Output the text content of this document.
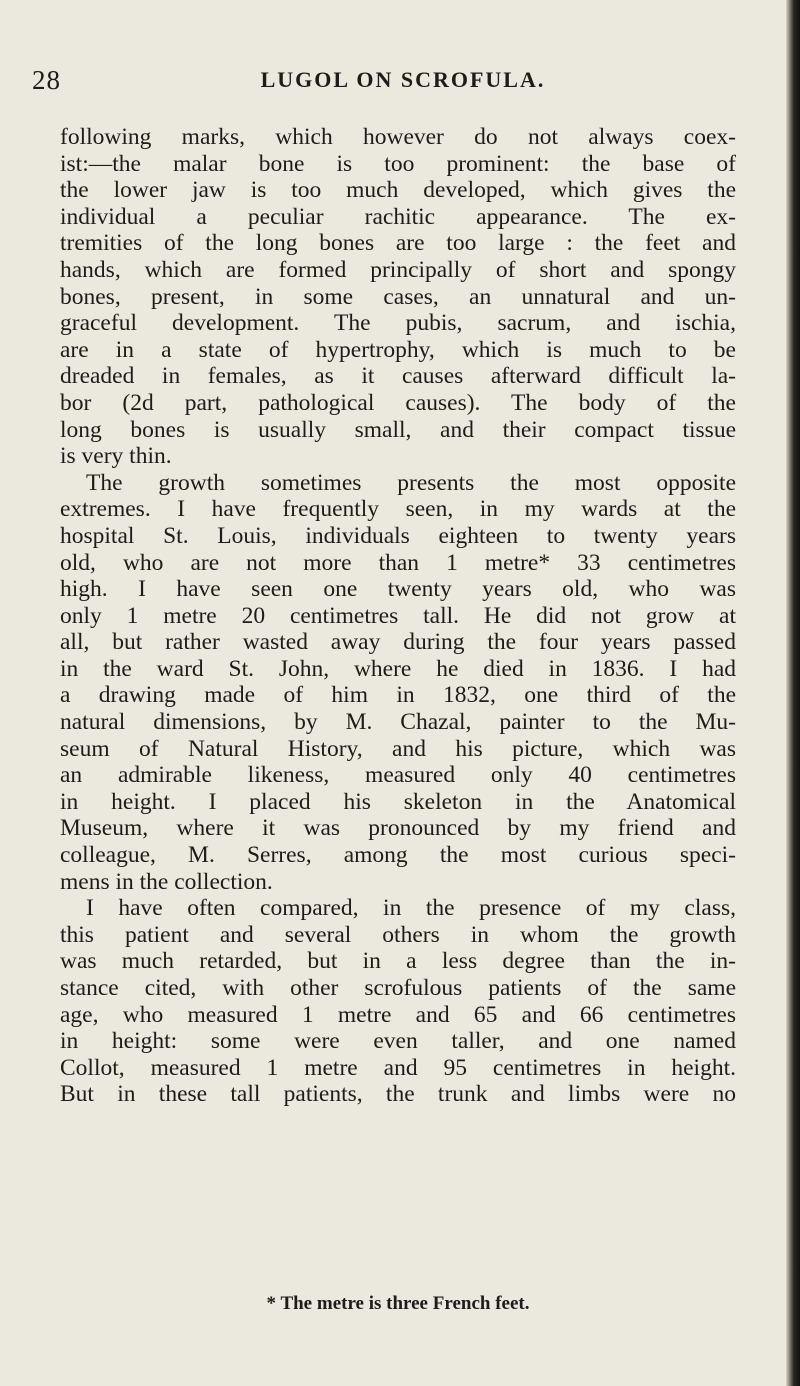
28	LUGOL ON SCROFULA.
following marks, which however do not always coex-
ist:—the malar bone is too prominent: the base of
the lower jaw is too much developed, which gives the
individual a peculiar rachitic appearance. The ex-
tremities of the long bones are too large : the feet and
hands, which are formed principally of short and spongy
bones, present, in some cases, an unnatural and un-
graceful development. The pubis, sacrum, and ischia,
are in a state of hypertrophy, which is much to be
dreaded in females, as it causes afterward difficult la-
bor (2d part, pathological causes). The body of the
long bones is usually small, and their compact tissue
is very thin.
The growth sometimes presents the most opposite
extremes. I have frequently seen, in my wards at the
hospital St. Louis, individuals eighteen to twenty years
old, who are not more than 1 metre* 33 centimetres
high. I have seen one twenty years old, who was
only 1 metre 20 centimetres tall. He did not grow at
all, but rather wasted away during the four years passed
in the ward St. John, where he died in 1836. I had
a drawing made of him in 1832, one third of the
natural dimensions, by M. Chazal, painter to the Mu-
seum of Natural History, and his picture, which was
an admirable likeness, measured only 40 centimetres
in height. I placed his skeleton in the Anatomical
Museum, where it was pronounced by my friend and
colleague, M. Serres, among the most curious speci-
mens in the collection.
I have often compared, in the presence of my class,
this patient and several others in whom the growth
was much retarded, but in a less degree than the in-
stance cited, with other scrofulous patients of the same
age, who measured 1 metre and 65 and 66 centimetres
in height: some were even taller, and one named
Collot, measured 1 metre and 95 centimetres in height.
But in these tall patients, the trunk and limbs were no
* The metre is three French feet.
